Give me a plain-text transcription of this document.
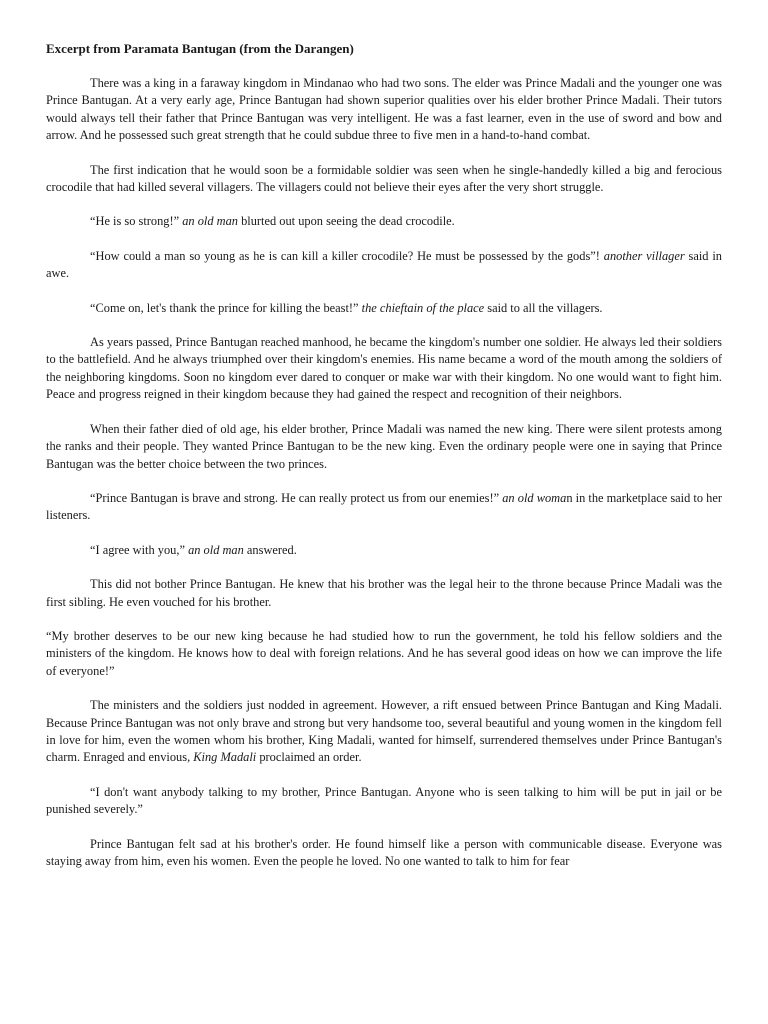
Excerpt from Paramata Bantugan (from the Darangen)

There was a king in a faraway kingdom in Mindanao who had two sons. The elder was Prince Madali and the younger one was Prince Bantugan. At a very early age, Prince Bantugan had shown superior qualities over his elder brother Prince Madali. Their tutors would always tell their father that Prince Bantugan was very intelligent. He was a fast learner, even in the use of sword and bow and arrow. And he possessed such great strength that he could subdue three to five men in a hand-to-hand combat.

The first indication that he would soon be a formidable soldier was seen when he single-handedly killed a big and ferocious crocodile that had killed several villagers. The villagers could not believe their eyes after the very short struggle.

“He is so strong!” an old man blurted out upon seeing the dead crocodile.

“How could a man so young as he is can kill a killer crocodile? He must be possessed by the gods”! another villager said in awe.

“Come on, let's thank the prince for killing the beast!” the chieftain of the place said to all the villagers.

As years passed, Prince Bantugan reached manhood, he became the kingdom's number one soldier. He always led their soldiers to the battlefield. And he always triumphed over their kingdom's enemies. His name became a word of the mouth among the soldiers of the neighboring kingdoms. Soon no kingdom ever dared to conquer or make war with their kingdom. No one would want to fight him. Peace and progress reigned in their kingdom because they had gained the respect and recognition of their neighbors.

When their father died of old age, his elder brother, Prince Madali was named the new king. There were silent protests among the ranks and their people. They wanted Prince Bantugan to be the new king. Even the ordinary people were one in saying that Prince Bantugan was the better choice between the two princes.

“Prince Bantugan is brave and strong. He can really protect us from our enemies!” an old woman in the marketplace said to her listeners.

“I agree with you,” an old man answered.

This did not bother Prince Bantugan. He knew that his brother was the legal heir to the throne because Prince Madali was the first sibling. He even vouched for his brother.

“My brother deserves to be our new king because he had studied how to run the government, he told his fellow soldiers and the ministers of the kingdom. He knows how to deal with foreign relations. And he has several good ideas on how we can improve the life of everyone!”

The ministers and the soldiers just nodded in agreement. However, a rift ensued between Prince Bantugan and King Madali. Because Prince Bantugan was not only brave and strong but very handsome too, several beautiful and young women in the kingdom fell in love for him, even the women whom his brother, King Madali, wanted for himself, surrendered themselves under Prince Bantugan's charm. Enraged and envious, King Madali proclaimed an order.

“I don't want anybody talking to my brother, Prince Bantugan. Anyone who is seen talking to him will be put in jail or be punished severely.”

Prince Bantugan felt sad at his brother's order. He found himself like a person with communicable disease. Everyone was staying away from him, even his women. Even the people he loved. No one wanted to talk to him for fear
